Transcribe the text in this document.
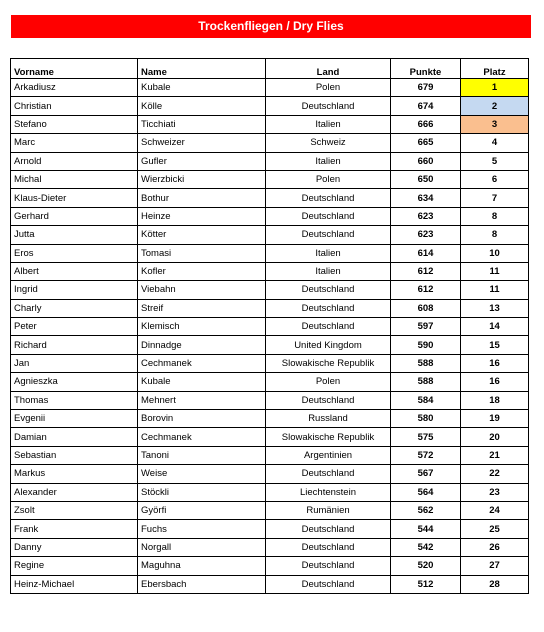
Trockenfliegen / Dry Flies
Vorname	Name	Land	Punkte	Platz
Arkadiusz	Kubale	Polen	679	1
Christian	Kölle	Deutschland	674	2
Stefano	Ticchiati	Italien	666	3
Marc	Schweizer	Schweiz	665	4
Arnold	Gufler	Italien	660	5
Michal	Wierzbicki	Polen	650	6
Klaus-Dieter	Bothur	Deutschland	634	7
Gerhard	Heinze	Deutschland	623	8
Jutta	Kötter	Deutschland	623	8
Eros	Tomasi	Italien	614	10
Albert	Kofler	Italien	612	11
Ingrid	Viebahn	Deutschland	612	11
Charly	Streif	Deutschland	608	13
Peter	Klemisch	Deutschland	597	14
Richard	Dinnadge	United Kingdom	590	15
Jan	Cechmanek	Slowakische Republik	588	16
Agnieszka	Kubale	Polen	588	16
Thomas	Mehnert	Deutschland	584	18
Evgenii	Borovin	Russland	580	19
Damian	Cechmanek	Slowakische Republik	575	20
Sebastian	Tanoni	Argentinien	572	21
Markus	Weise	Deutschland	567	22
Alexander	Stöckli	Liechtenstein	564	23
Zsolt	Györfi	Rumänien	562	24
Frank	Fuchs	Deutschland	544	25
Danny	Norgall	Deutschland	542	26
Regine	Maguhna	Deutschland	520	27
Heinz-Michael	Ebersbach	Deutschland	512	28
